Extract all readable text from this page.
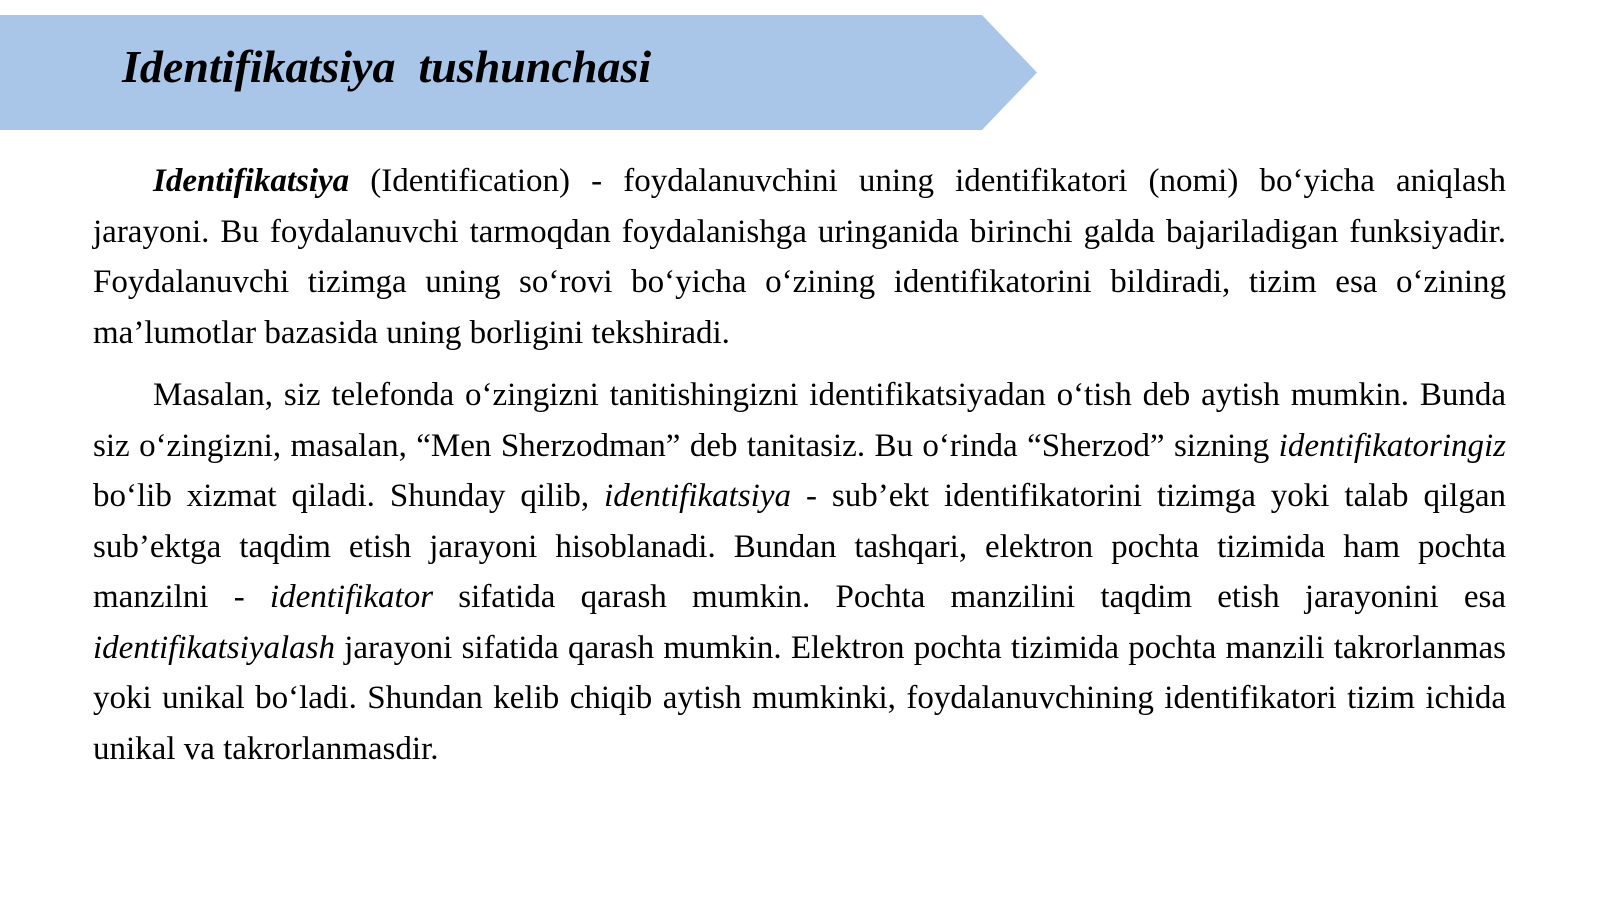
Identifikatsiya  tushunchasi

Identifikatsiya (Identification) - foydalanuvchini uning identifikatori (nomi) bo‘yicha aniqlash jarayoni. Bu foydalanuvchi tarmoqdan foydalanishga uringanida birinchi galda bajariladigan funksiyadir. Foydalanuvchi tizimga uning so‘rovi bo‘yicha o‘zining identifikatorini bildiradi, tizim esa o‘zining ma’lumotlar bazasida uning borligini tekshiradi.

Masalan, siz telefonda o‘zingizni tanitishingizni identifikatsiyadan o‘tish deb aytish mumkin. Bunda siz o‘zingizni, masalan, “Men Sherzodman” deb tanitasiz. Bu o‘rinda “Sherzod” sizning identifikatoringiz bo‘lib xizmat qiladi. Shunday qilib, identifikatsiya - sub’ekt identifikatorini tizimga yoki talab qilgan sub’ektga taqdim etish jarayoni hisoblanadi. Bundan tashqari, elektron pochta tizimida ham pochta manzilni - identifikator sifatida qarash mumkin. Pochta manzilini taqdim etish jarayonini esa identifikatsiyalash jarayoni sifatida qarash mumkin. Elektron pochta tizimida pochta manzili takrorlanmas yoki unikal bo‘ladi. Shundan kelib chiqib aytish mumkinki, foydalanuvchining identifikatori tizim ichida unikal va takrorlanmasdir.
